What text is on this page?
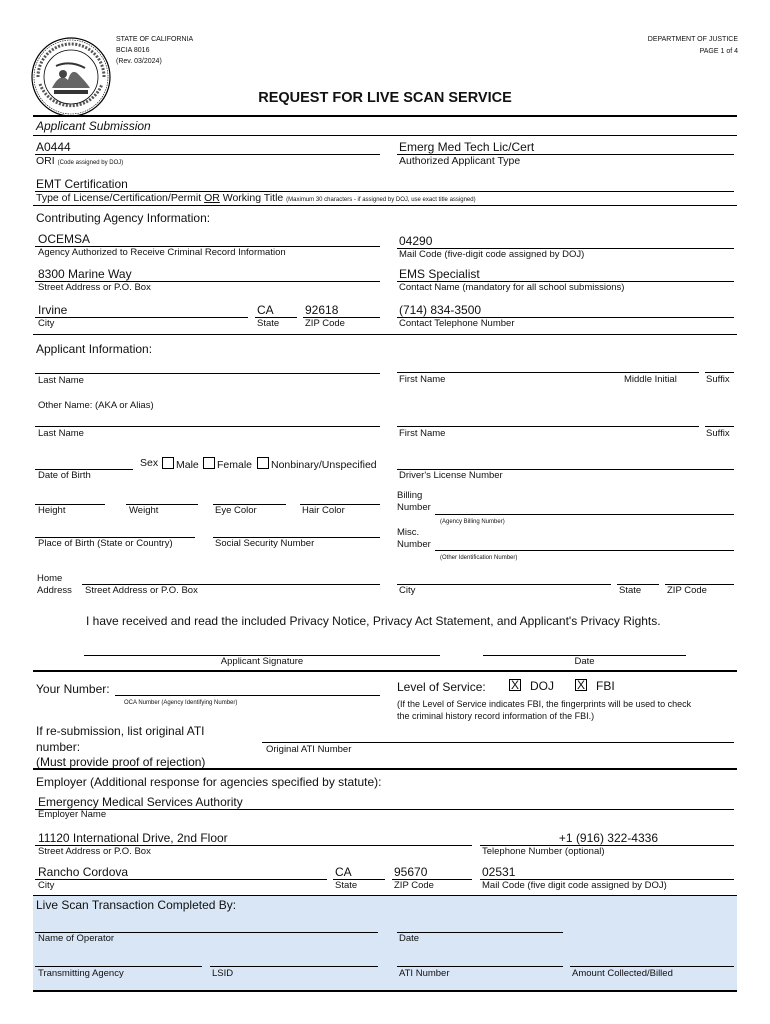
STATE OF CALIFORNIA
BCIA 8016
(Rev. 03/2024)
DEPARTMENT OF JUSTICE
PAGE 1 of 4
REQUEST FOR LIVE SCAN SERVICE
Applicant Submission
A0444
ORI (Code assigned by DOJ)
Emerg Med Tech Lic/Cert
Authorized Applicant Type
EMT Certification
Type of License/Certification/Permit OR Working Title (Maximum 30 characters - if assigned by DOJ, use exact title assigned)
Contributing Agency Information:
OCEMSA
Agency Authorized to Receive Criminal Record Information
04290
Mail Code (five-digit code assigned by DOJ)
8300 Marine Way
Street Address or P.O. Box
EMS Specialist
Contact Name (mandatory for all school submissions)
Irvine
City
CA
State
92618
ZIP Code
(714) 834-3500
Contact Telephone Number
Applicant Information:
Last Name	First Name	Middle Initial	Suffix
Other Name: (AKA or Alias)
Last Name	First Name	Suffix
Date of Birth
Sex Male Female Nonbinary/Unspecified
Driver's License Number
Height	Weight	Eye Color	Hair Color
Billing
Number
(Agency Billing Number)
Place of Birth (State or Country)	Social Security Number
Misc.
Number
(Other Identification Number)
Home
Address Street Address or P.O. Box	City	State	ZIP Code
I have received and read the included Privacy Notice, Privacy Act Statement, and Applicant's Privacy Rights.
Applicant Signature	Date
Your Number:
OCA Number (Agency Identifying Number)
Level of Service: X DOJ X FBI
(If the Level of Service indicates FBI, the fingerprints will be used to check
the criminal history record information of the FBI.)
If re-submission, list original ATI
number:
(Must provide proof of rejection)
Original ATI Number
Employer (Additional response for agencies specified by statute):
Emergency Medical Services Authority
Employer Name
11120 International Drive, 2nd Floor
Street Address or P.O. Box
+1 (916) 322-4336
Telephone Number (optional)
Rancho Cordova
City
CA
State
95670
ZIP Code
02531
Mail Code (five digit code assigned by DOJ)
Live Scan Transaction Completed By:
Name of Operator	Date
Transmitting Agency	LSID	ATI Number	Amount Collected/Billed
